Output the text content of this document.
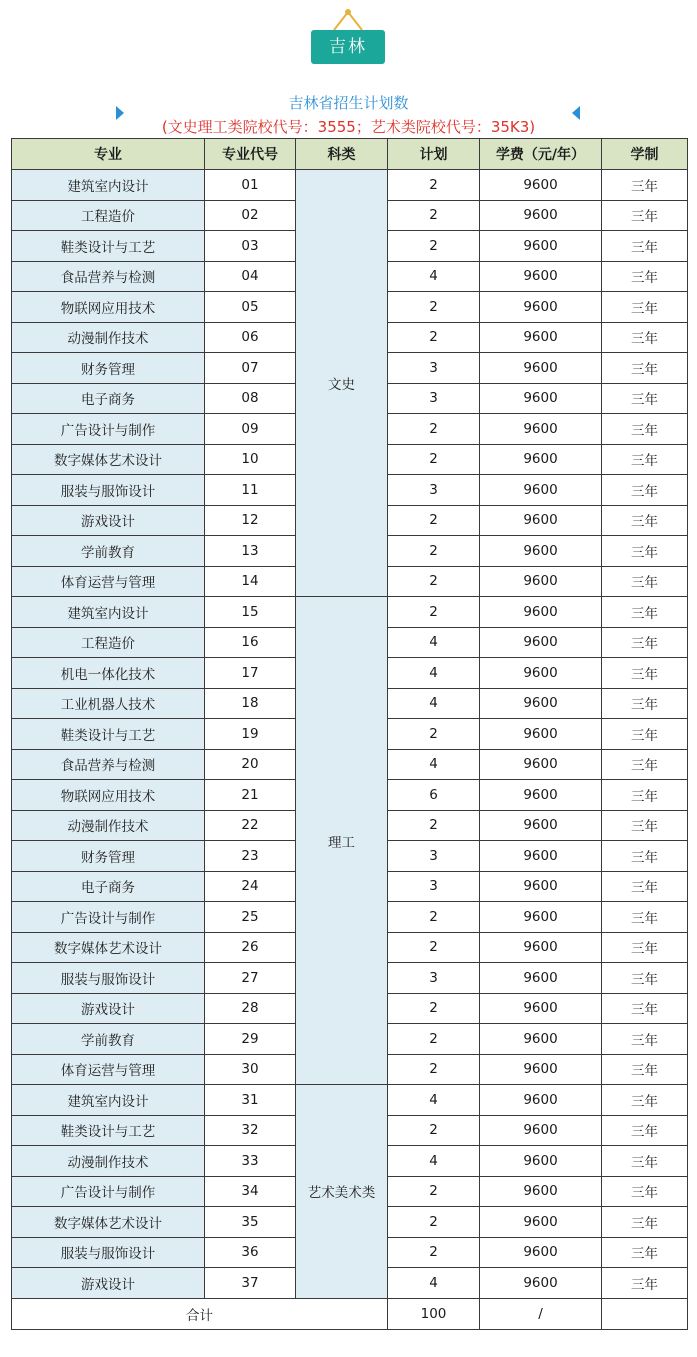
吉林
吉林省招生计划数
(文史理工类院校代号：3555；艺术类院校代号：35K3)
专业	专业代号	科类	计划	学费（元/年）	学制
建筑室内设计	01	文史	2	9600	三年
工程造价	02		2	9600	三年
鞋类设计与工艺	03		2	9600	三年
食品营养与检测	04		4	9600	三年
物联网应用技术	05		2	9600	三年
动漫制作技术	06		2	9600	三年
财务管理	07		3	9600	三年
电子商务	08		3	9600	三年
广告设计与制作	09		2	9600	三年
数字媒体艺术设计	10		2	9600	三年
服装与服饰设计	11		3	9600	三年
游戏设计	12		2	9600	三年
学前教育	13		2	9600	三年
体育运营与管理	14		2	9600	三年
建筑室内设计	15	理工	2	9600	三年
工程造价	16		4	9600	三年
机电一体化技术	17		4	9600	三年
工业机器人技术	18		4	9600	三年
鞋类设计与工艺	19		2	9600	三年
食品营养与检测	20		4	9600	三年
物联网应用技术	21		6	9600	三年
动漫制作技术	22		2	9600	三年
财务管理	23		3	9600	三年
电子商务	24		3	9600	三年
广告设计与制作	25		2	9600	三年
数字媒体艺术设计	26		2	9600	三年
服装与服饰设计	27		3	9600	三年
游戏设计	28		2	9600	三年
学前教育	29		2	9600	三年
体育运营与管理	30		2	9600	三年
建筑室内设计	31	艺术美术类	4	9600	三年
鞋类设计与工艺	32		2	9600	三年
动漫制作技术	33		4	9600	三年
广告设计与制作	34		2	9600	三年
数字媒体艺术设计	35		2	9600	三年
服装与服饰设计	36		2	9600	三年
游戏设计	37		4	9600	三年
合计			100	/	
